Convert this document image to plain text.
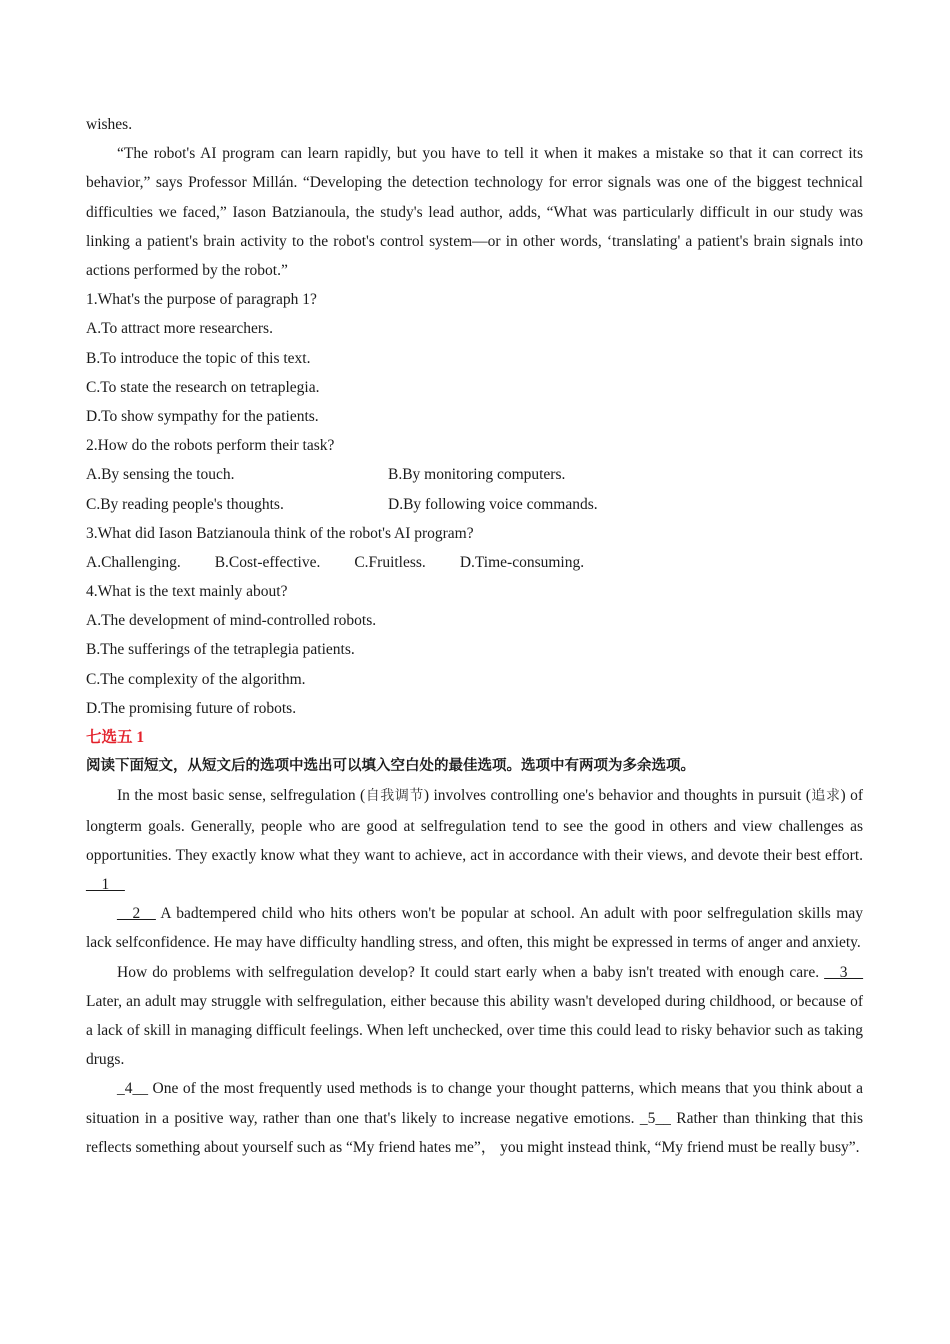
wishes.
“The robot's AI program can learn rapidly, but you have to tell it when it makes a mistake so that it can correct its behavior,” says Professor Millán. “Developing the detection technology for error signals was one of the biggest technical difficulties we faced,” Iason Batzianoula, the study's lead author, adds, “What was particularly difficult in our study was linking a patient's brain activity to the robot's control system—or in other words, ‘translating' a patient's brain signals into actions performed by the robot.”
1.What's the purpose of paragraph 1?
A.To attract more researchers.
B.To introduce the topic of this text.
C.To state the research on tetraplegia.
D.To show sympathy for the patients.
2.How do the robots perform their task?
A.By sensing the touch.	B.By monitoring computers.
C.By reading people's thoughts.	D.By following voice commands.
3.What did Iason Batzianoula think of the robot's AI program?
A.Challenging. B.Cost-effective. C.Fruitless. D.Time-consuming.
4.What is the text mainly about?
A.The development of mind-controlled robots.
B.The sufferings of the tetraplegia patients.
C.The complexity of the algorithm.
D.The promising future of robots.
七选五 1
阅读下面短文，从短文后的选项中选出可以填入空白处的最佳选项。选项中有两项为多余选项。
In the most basic sense, selfregulation (自我调节) involves controlling one's behavior and thoughts in pursuit (追求) of longterm goals. Generally, people who are good at selfregulation tend to see the good in others and view challenges as opportunities. They exactly know what they want to achieve, act in accordance with their views, and devote their best effort. __1__
__2__ A badtempered child who hits others won't be popular at school. An adult with poor selfregulation skills may lack selfconfidence. He may have difficulty handling stress, and often, this might be expressed in terms of anger and anxiety.
How do problems with selfregulation develop? It could start early when a baby isn't treated with enough care. __3__ Later, an adult may struggle with selfregulation, either because this ability wasn't developed during childhood, or because of a lack of skill in managing difficult feelings. When left unchecked, over time this could lead to risky behavior such as taking drugs.
_4__ One of the most frequently used methods is to change your thought patterns, which means that you think about a situation in a positive way, rather than one that's likely to increase negative emotions. _5__ Rather than thinking that this reflects something about yourself such as “My friend hates me”， you might instead think, “My friend must be really busy”.
